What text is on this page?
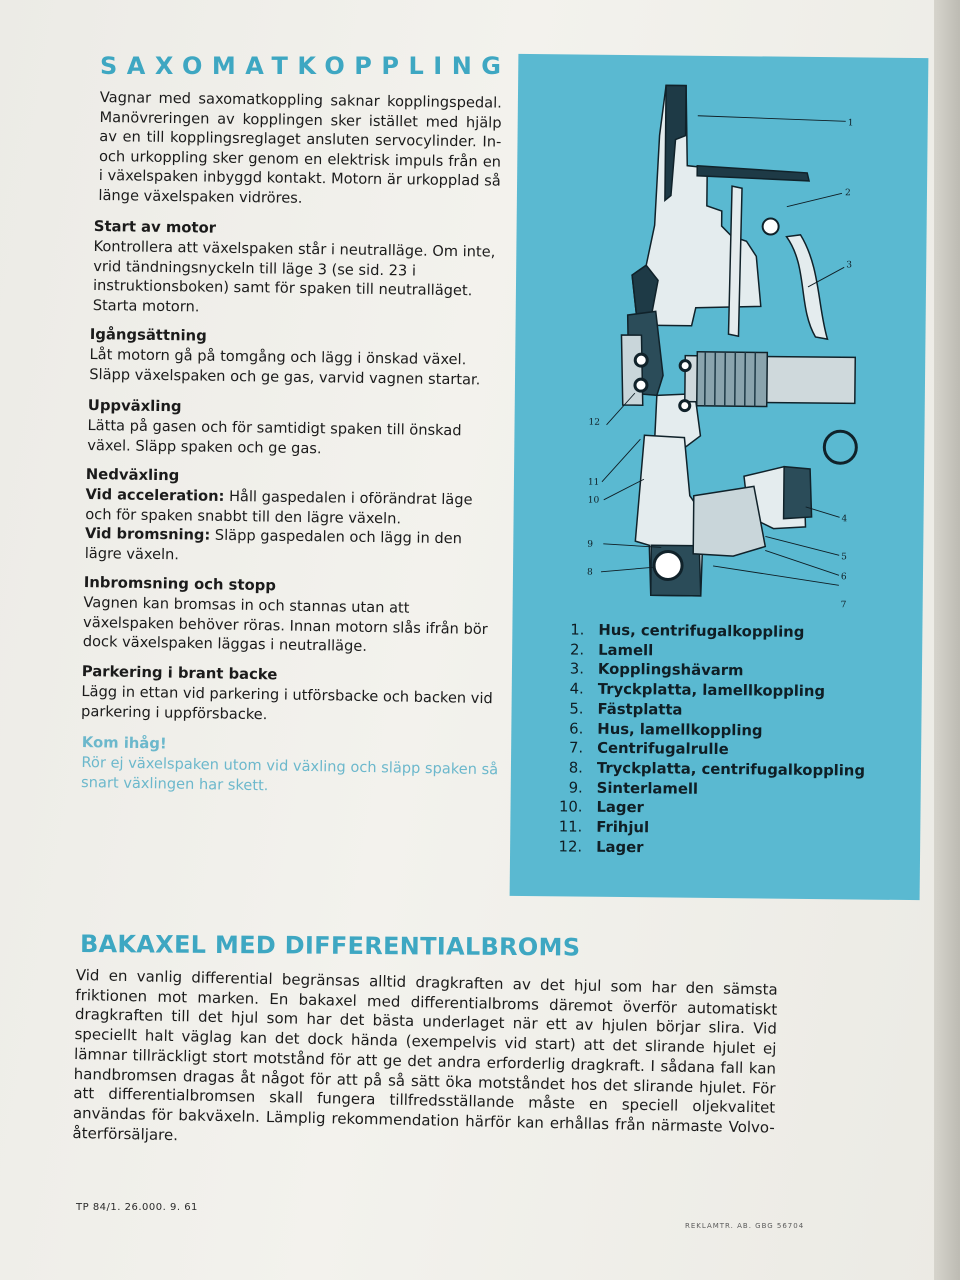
SAXOMATKOPPLING

Vagnar med saxomatkoppling saknar kopplingspedal. Manövreringen av kopplingen sker istället med hjälp av en till kopplingsreglaget ansluten servocylinder. In- och urkoppling sker genom en elektrisk impuls från en i växelspaken inbyggd kontakt. Motorn är urkopplad så länge växelspaken vidröres.

Start av motor

Kontrollera att växelspaken står i neutralläge. Om inte, vrid tändningsnyckeln till läge 3 (se sid. 23 i instruktionsboken) samt för spaken till neutralläget. Starta motorn.

Igångsättning

Låt motorn gå på tomgång och lägg i önskad växel. Släpp växelspaken och ge gas, varvid vagnen startar.

Uppväxling

Lätta på gasen och för samtidigt spaken till önskad växel. Släpp spaken och ge gas.

Nedväxling

Vid acceleration: Håll gaspedalen i oförändrat läge och för spaken snabbt till den lägre växeln.

Vid bromsning: Släpp gaspedalen och lägg in den lägre växeln.

Inbromsning och stopp

Vagnen kan bromsas in och stannas utan att växelspaken behöver röras. Innan motorn slås ifrån bör dock växelspaken läggas i neutralläge.

Parkering i brant backe

Lägg in ettan vid parkering i utförsbacke och backen vid parkering i uppförsbacke.

Kom ihåg!

Rör ej växelspaken utom vid växling och släpp spaken så snart växlingen har skett.

1
2
3
4
5
6
7
8
9
10
11
12
1. Hus, centrifugalkoppling
2. Lamell
3. Kopplingshävarm
4. Tryckplatta, lamellkoppling
5. Fästplatta
6. Hus, lamellkoppling
7. Centrifugalrulle
8. Tryckplatta, centrifugalkoppling
9. Sinterlamell
10. Lager
11. Frihjul
12. Lager
BAKAXEL MED DIFFERENTIALBROMS

Vid en vanlig differential begränsas alltid dragkraften av det hjul som har den sämsta friktionen mot marken. En bakaxel med differentialbroms däremot överför automatiskt dragkraften till det hjul som har det bästa underlaget när ett av hjulen börjar slira. Vid speciellt halt väglag kan det dock hända (exempelvis vid start) att det slirande hjulet ej lämnar tillräckligt stort motstånd för att ge det andra erforderlig dragkraft. I sådana fall kan handbromsen dragas åt något för att på så sätt öka motståndet hos det slirande hjulet. För att differentialbromsen skall fungera tillfredsställande måste en speciell oljekvalitet användas för bakväxeln. Lämplig rekommendation härför kan erhållas från närmaste Volvo-återförsäljare.

TP 84/1. 26.000. 9. 61
REKLAMTR. AB. GBG 56704
